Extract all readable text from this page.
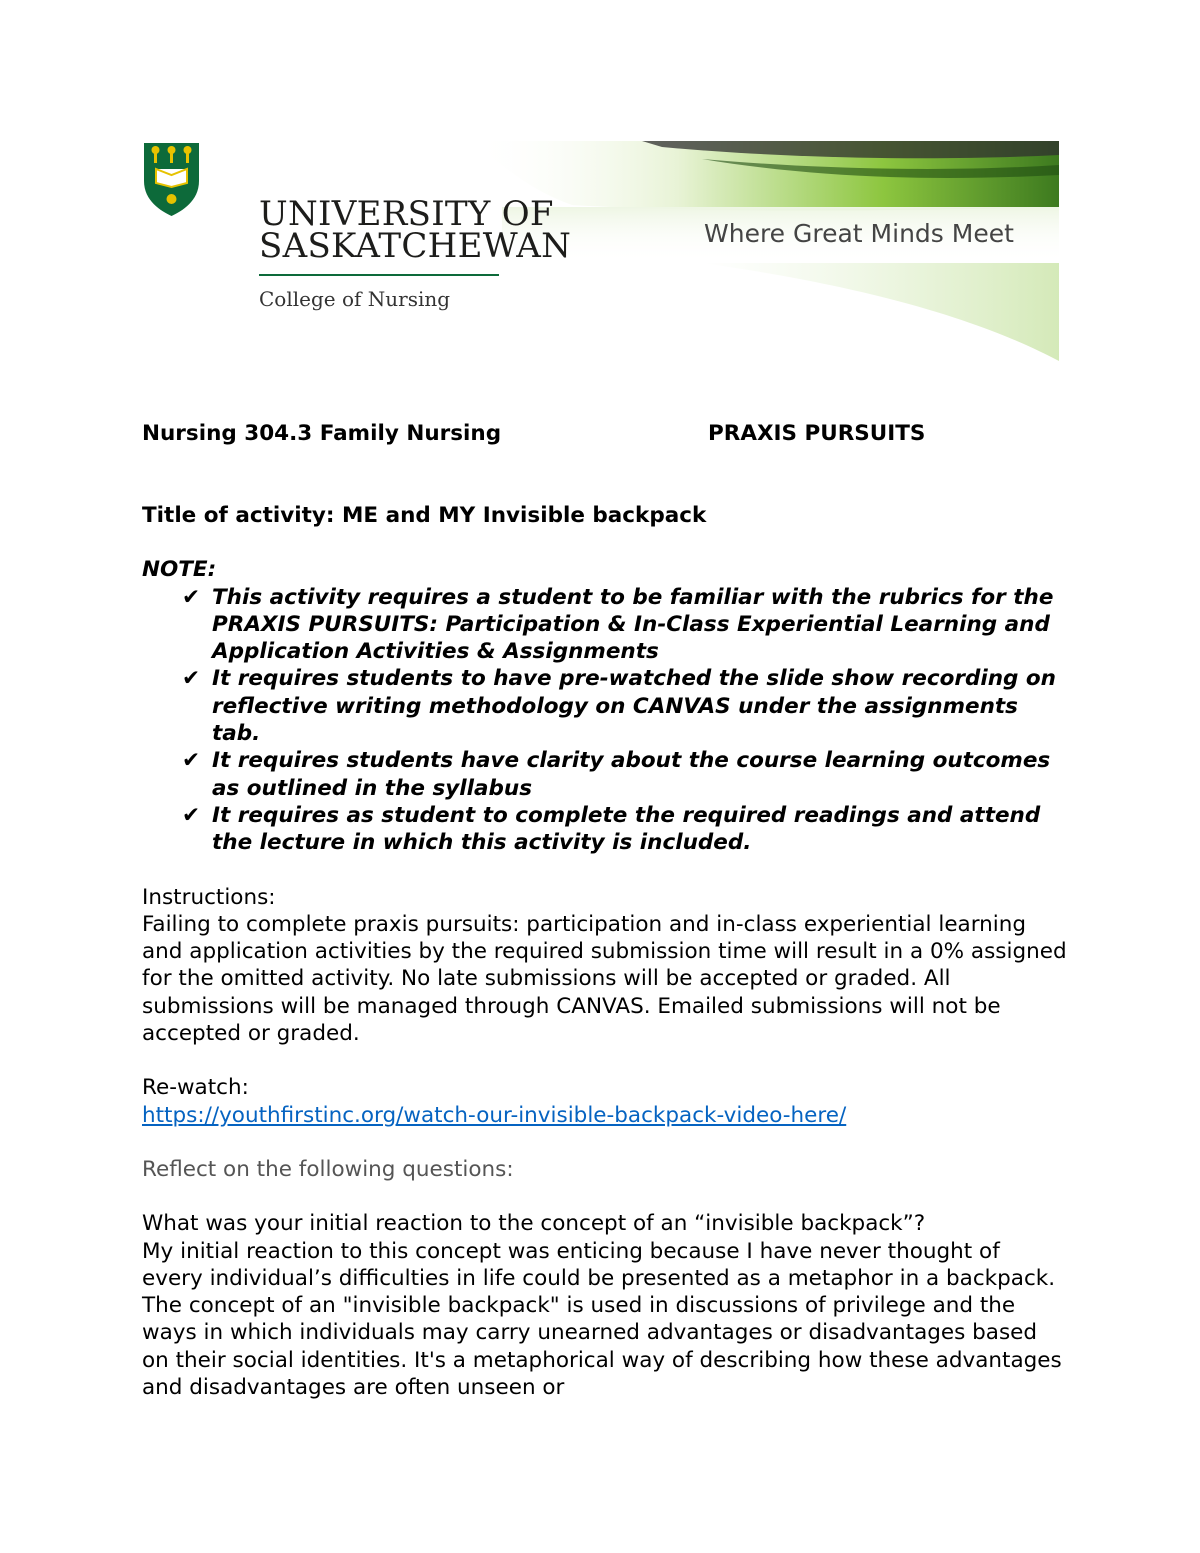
UNIVERSITY OF
SASKATCHEWAN
College of Nursing
Where Great Minds Meet
Nursing 304.3 Family Nursing	PRAXIS PURSUITS

Title of activity: ME and MY Invisible backpack

NOTE:

✔ This activity requires a student to be familiar with the rubrics for the PRAXIS PURSUITS: Participation & In-Class Experiential Learning and Application Activities & Assignments
✔ It requires students to have pre-watched the slide show recording on reflective writing methodology on CANVAS under the assignments tab.
✔ It requires students have clarity about the course learning outcomes as outlined in the syllabus
✔ It requires as student to complete the required readings and attend the lecture in which this activity is included.

Instructions:

Failing to complete praxis pursuits: participation and in-class experiential learning and application activities by the required submission time will result in a 0% assigned for the omitted activity. No late submissions will be accepted or graded. All submissions will be managed through CANVAS. Emailed submissions will not be accepted or graded.

Re-watch:

https://youthfirstinc.org/watch-our-invisible-backpack-video-here/

Reflect on the following questions:

What was your initial reaction to the concept of an “invisible backpack”?

My initial reaction to this concept was enticing because I have never thought of every individual’s difficulties in life could be presented as a metaphor in a backpack. The concept of an "invisible backpack" is used in discussions of privilege and the ways in which individuals may carry unearned advantages or disadvantages based on their social identities. It's a metaphorical way of describing how these advantages and disadvantages are often unseen or
